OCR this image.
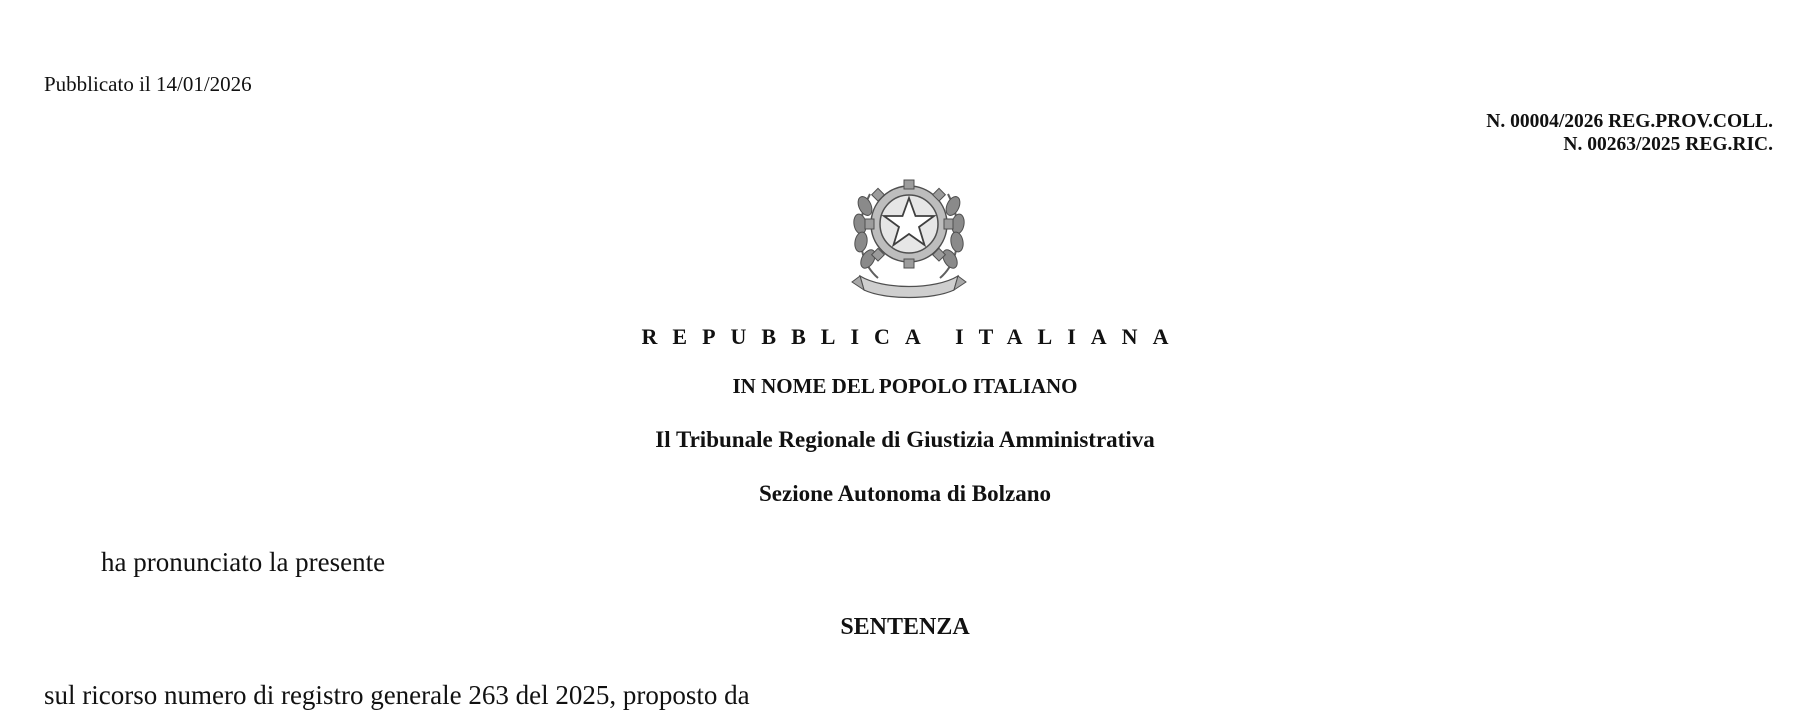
Pubblicato il 14/01/2026
N. 00004/2026 REG.PROV.COLL.
N. 00263/2025 REG.RIC.
REPUBBLICA ITALIANA
IN NOME DEL POPOLO ITALIANO
Il Tribunale Regionale di Giustizia Amministrativa
Sezione Autonoma di Bolzano
ha pronunciato la presente
SENTENZA
sul ricorso numero di registro generale 263 del 2025, proposto da
